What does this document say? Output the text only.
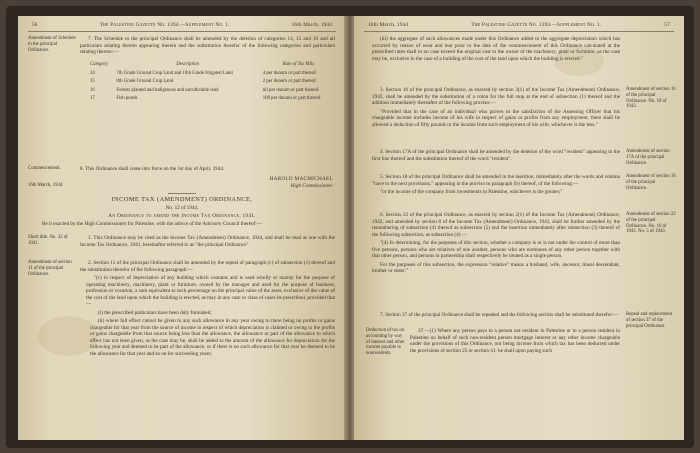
56	The Palestine Gazette No. 1394.—Supplement No. 1.	16th March, 1944
Amendment of Schedule to the principal Ordinance.

7. The Schedule to the principal Ordinance shall be amended by the deletion of categories 14, 15 and 16 and all particulars relating thereto appearing therein and the substitution therefor of the following categories and particulars relating thereto:—

Category	Description	Rate of Tax Mils
14	7th Grade Ground Crop Land and 10th Grade Irrigated Land	4 per dunum or part thereof.
15	8th Grade Ground Crop Land	2 per dunum or part thereof.
16	Forests planted and indigenous and uncultivable land	nil per dunum or part thereof.
17	Fish ponds	100 per dunum or part thereof.
Commencement.	8. This Ordinance shall come into force on the 1st day of April, 1944.
16th March, 1944.
HAROLD MACMICHAEL
High Commissioner.
INCOME TAX (AMENDMENT) ORDINANCE,
No. 12 of 1944.
An Ordinance to amend the Income Tax Ordinance, 1941.
Be it enacted by the High Commissioner for Palestine, with the advice of the Advisory Council thereof:—
Short title. No. 32 of 1941.

1. This Ordinance may be cited as the Income Tax (Amendment) Ordinance, 1944, and shall be read as one with the Income Tax Ordinance, 1941, hereinafter referred to as "the principal Ordinance".

Amendment of section 11 of the principal Ordinance.

2. Section 11 of the principal Ordinance shall be amended by the repeal of paragraph (c) of subsection (1) thereof and the substitution therefor of the following paragraph:—

"(c) in respect of depreciation of any building which contains and is used wholly or mainly for the purpose of operating machinery, machinery, plant or furniture, owned by the manager and used for the purpose of business, profession or vocation, a sum equivalent to such percentage on the principal value of the asset, exclusive of the value of the cost of the land upon which the building is erected, as may in any case or class of cases be prescribed, provided that —

(i) the prescribed particulars have been duly furnished;

(ii) where full effect cannot be given to any such allowance in any year owing to there being no profits or gains chargeable for that year from the source of income in respect of which depreciation is claimed or owing to the profits or gains chargeable from that source being less than the allowance, the allowance or part of the allowance to which effect has not been given, as the case may be, shall be added to the amount of the allowance for depreciation for the following year and deemed to be part of the allowance, or if there is no such allowance for that year be deemed to be the allowance for that year and so on for succeeding years;

16th March, 1944	The Palestine Gazette No. 1394.—Supplement No. 1.	57

(iii) the aggregate of such allowances made under this Ordinance added to the aggregate depreciation which has occurred by reason of wear and tear prior to the date of the commencement of this Ordinance calculated at the prescribed rates shall in no case exceed the original cost to the owner of the machinery, plant or furniture, as the case may be, exclusive in the case of a building of the cost of the land upon which the building is erected."

Amendment of section 16 of the principal Ordinance. No. 10 of 1942.

3. Section 16 of the principal Ordinance, as enacted by section 3(1) of the Income Tax (Amendment) Ordinance, 1942, shall be amended by the substitution of a colon for the full stop at the end of subsection (1) thereof and the addition immediately thereafter of the following proviso:—

"Provided that in the case of an individual who proves to the satisfaction of the Assessing Officer that his chargeable income includes income of his wife in respect of gains or profits from any employment, there shall be allowed a deduction of fifty pounds or the income from such employment of his wife, whichever is the less."

Amendment of section 17A of the principal Ordinance.

4. Section 17A of the principal Ordinance shall be amended by the deletion of the word "resident" appearing in the first line thereof and the substitution thereof of the word "resident".

Amendment of section 18 of the principal Ordinance.

5. Section 18 of the principal Ordinance shall be amended in the insertion, immediately after the words and comma "have to the next provisions," appearing in the proviso to paragraph (b) thereof, of the following:—

"or the income of the company from investments in Palestine, whichever is the greater,"

Amendment of section 22 of the principal Ordinance. No. 10 of 1942. No. 5 of 1943.

6. Section 22 of the principal Ordinance, as enacted by section 2(1) of the Income Tax (Amendment) Ordinance, 1942, and amended by section 8 of the Income Tax (Amendment) Ordinance, 1943, shall be further amended by the renumbering of subsection (4) thereof as subsection (5) and the insertion immediately after subsection (3) thereof of the following subsection, as subsection (4) —

"(4) In determining, for the purposes of this section, whether a company is or is not under the control of more than five persons, persons who are relatives of one another, persons who are nominees of any other person together with that other person, and persons in partnership shall respectively be treated as a single person.

For the purposes of this subsection, the expression "relative" means a husband, wife, ancestor, lineal descendant, brother or sister."

Repeal and replacement of section 37 of the principal Ordinance.

7. Section 37 of the principal Ordinance shall be repealed and the following section shall be substituted therefor:—

Deduction of tax on accounting by way of interest and other income payable to nonresidents.

37.—(1) Where any person pays to a person not resident in Palestine or to a person resident in Palestine on behalf of such non-resident person mortgage interest or any other income chargeable under the provisions of this Ordinance, not being income from which tax has been deducted under the provisions of section 25 or section 41, he shall upon paying such
